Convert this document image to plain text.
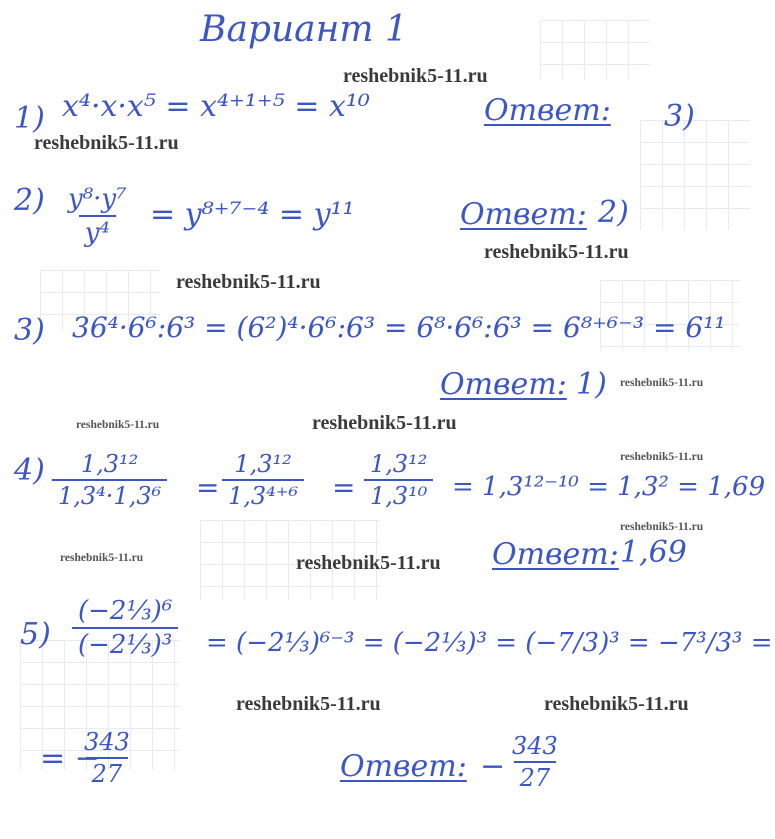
Вариант 1
reshebnik5-11.ru
reshebnik5-11.ru
reshebnik5-11.ru
reshebnik5-11.ru
reshebnik5-11.ru
reshebnik5-11.ru
reshebnik5-11.ru
reshebnik5-11.ru
reshebnik5-11.ru
reshebnik5-11.ru	reshebnik5-11.ru
reshebnik5-11.ru	reshebnik5-11.ru
1) x⁴·x·x⁵ = x⁴⁺¹⁺⁵ = x¹⁰	Ответ: 3)
$2) \frac{\text{y⁸·y⁷}}{\text{y⁴}} = y^{8+7-4} = y^{11}$	Ответ: 2)
3) 36⁴·6⁶:6³ = (6²)⁴·6⁶:6³ = 6⁸·6⁶:6³ = 6⁸⁺⁶⁻³ = 6¹¹
Ответ: 1)
$4) \frac{\text{1,3¹²}}{\text{1,3⁴·1,3⁶}} = \frac{\text{1,3¹²}}{\text{1,3⁴⁺⁶}} = \frac{\text{1,3¹²}}{\text{1,3¹⁰}} = 1,3^{12-10} = 1,3^2 = 1,69$
Ответ: 1,69
$5) \frac{\text{(−2⅓)⁶}}{\text{(−2⅓)³}}$ = (−2⅓)⁶⁻³ = (−2⅓)³ = (−7/3)³ = −7³/3³ =
= −
$\frac{343}{27}$	Ответ: − $\frac{343}{27}$
